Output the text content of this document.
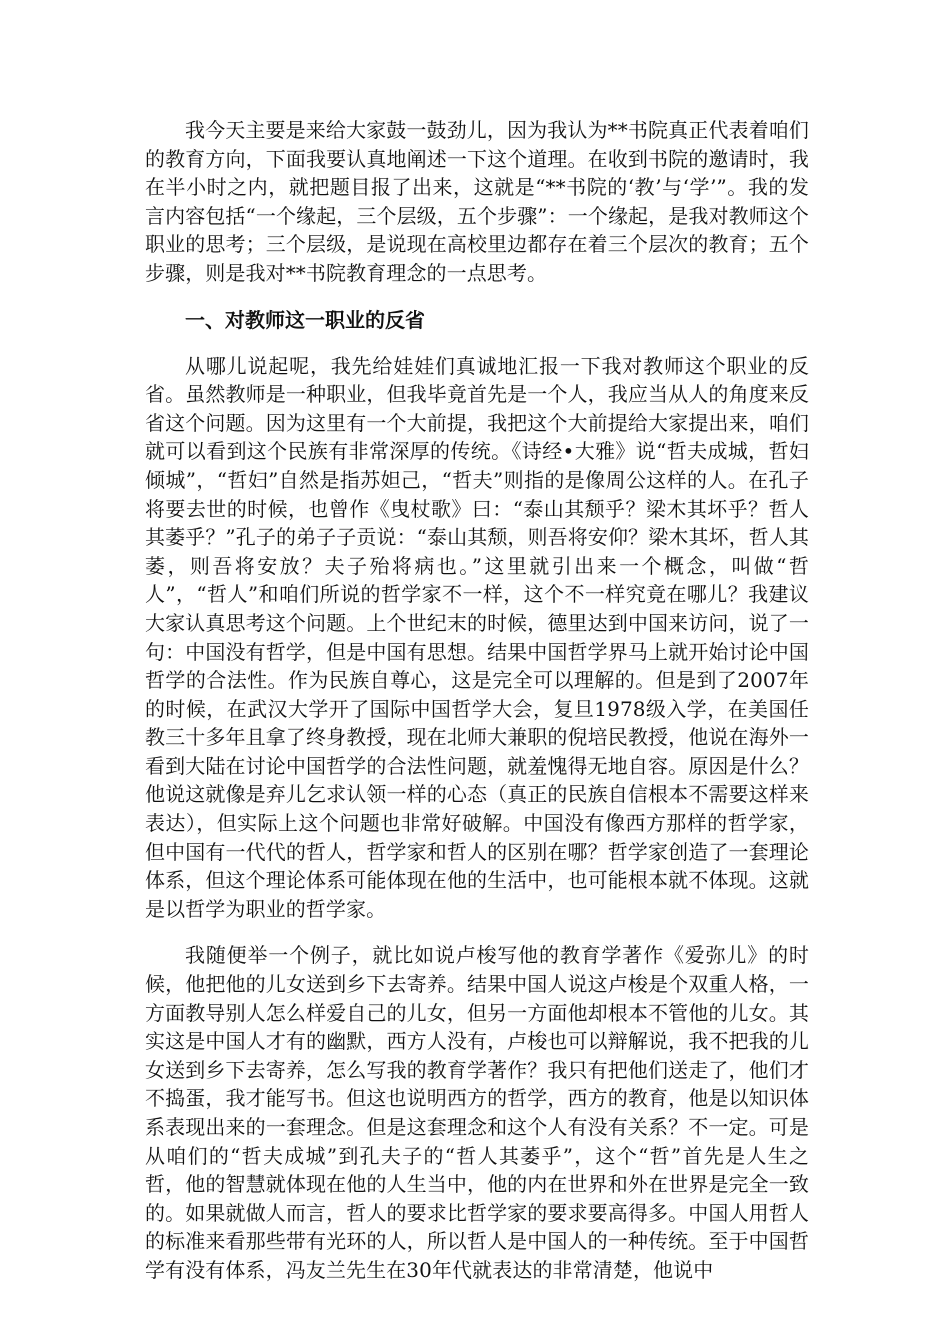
我今天主要是来给大家鼓一鼓劲儿，因为我认为**书院真正代表着咱们的教育方向，下面我要认真地阐述一下这个道理。在收到书院的邀请时，我在半小时之内，就把题目报了出来，这就是“**书院的‘教’与‘学’”。我的发言内容包括“一个缘起，三个层级，五个步骤”：一个缘起，是我对教师这个职业的思考；三个层级，是说现在高校里边都存在着三个层次的教育；五个步骤，则是我对**书院教育理念的一点思考。

一、对教师这一职业的反省

从哪儿说起呢，我先给娃娃们真诚地汇报一下我对教师这个职业的反省。虽然教师是一种职业，但我毕竟首先是一个人，我应当从人的角度来反省这个问题。因为这里有一个大前提，我把这个大前提给大家提出来，咱们就可以看到这个民族有非常深厚的传统。《诗经•大雅》说“哲夫成城，哲妇倾城”，“哲妇”自然是指苏妲己，“哲夫”则指的是像周公这样的人。在孔子将要去世的时候，也曾作《曳杖歌》曰：“泰山其颓乎？梁木其坏乎？哲人其萎乎？”孔子的弟子子贡说：“泰山其颓，则吾将安仰？梁木其坏，哲人其萎，则吾将安放？夫子殆将病也。”这里就引出来一个概念，叫做“哲人”，“哲人”和咱们所说的哲学家不一样，这个不一样究竟在哪儿？我建议大家认真思考这个问题。上个世纪末的时候，德里达到中国来访问，说了一句：中国没有哲学，但是中国有思想。结果中国哲学界马上就开始讨论中国哲学的合法性。作为民族自尊心，这是完全可以理解的。但是到了2007年的时候，在武汉大学开了国际中国哲学大会，复旦1978级入学，在美国任教三十多年且拿了终身教授，现在北师大兼职的倪培民教授，他说在海外一看到大陆在讨论中国哲学的合法性问题，就羞愧得无地自容。原因是什么？他说这就像是弃儿乞求认领一样的心态（真正的民族自信根本不需要这样来表达），但实际上这个问题也非常好破解。中国没有像西方那样的哲学家，但中国有一代代的哲人，哲学家和哲人的区别在哪？哲学家创造了一套理论体系，但这个理论体系可能体现在他的生活中，也可能根本就不体现。这就是以哲学为职业的哲学家。

我随便举一个例子，就比如说卢梭写他的教育学著作《爱弥儿》的时候，他把他的儿女送到乡下去寄养。结果中国人说这卢梭是个双重人格，一方面教导别人怎么样爱自己的儿女，但另一方面他却根本不管他的儿女。其实这是中国人才有的幽默，西方人没有，卢梭也可以辩解说，我不把我的儿女送到乡下去寄养，怎么写我的教育学著作？我只有把他们送走了，他们才不捣蛋，我才能写书。但这也说明西方的哲学，西方的教育，他是以知识体系表现出来的一套理念。但是这套理念和这个人有没有关系？不一定。可是从咱们的“哲夫成城”到孔夫子的“哲人其萎乎”，这个“哲”首先是人生之哲，他的智慧就体现在他的人生当中，他的内在世界和外在世界是完全一致的。如果就做人而言，哲人的要求比哲学家的要求要高得多。中国人用哲人的标准来看那些带有光环的人，所以哲人是中国人的一种传统。至于中国哲学有没有体系，冯友兰先生在30年代就表达的非常清楚，他说中
